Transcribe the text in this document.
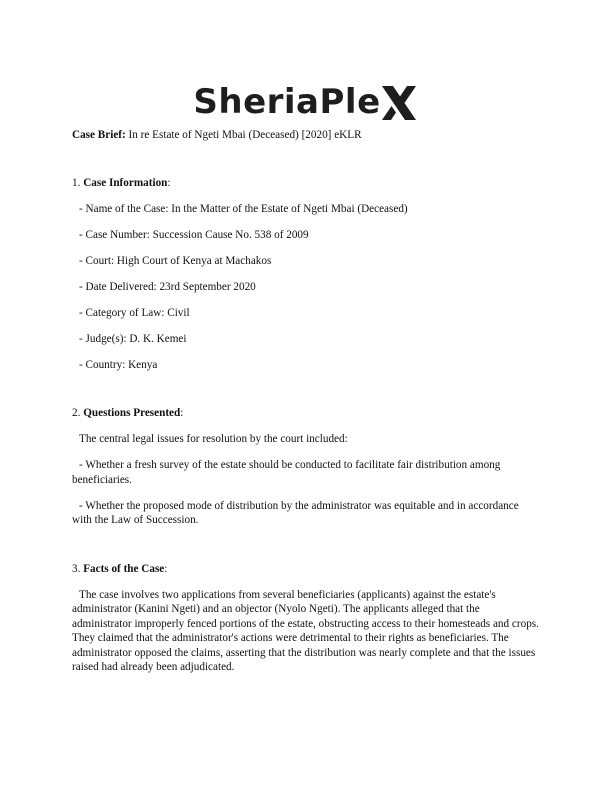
SheriaPle

Case Brief: In re Estate of Ngeti Mbai (Deceased) [2020] eKLR

1. Case Information:

- Name of the Case: In the Matter of the Estate of Ngeti Mbai (Deceased)

- Case Number: Succession Cause No. 538 of 2009

- Court: High Court of Kenya at Machakos

- Date Delivered: 23rd September 2020

- Category of Law: Civil

- Judge(s): D. K. Kemei

- Country: Kenya

2. Questions Presented:

The central legal issues for resolution by the court included:

- Whether a fresh survey of the estate should be conducted to facilitate fair distribution among beneficiaries.

- Whether the proposed mode of distribution by the administrator was equitable and in accordance with the Law of Succession.

3. Facts of the Case:

The case involves two applications from several beneficiaries (applicants) against the estate's administrator (Kanini Ngeti) and an objector (Nyolo Ngeti). The applicants alleged that the administrator improperly fenced portions of the estate, obstructing access to their homesteads and crops. They claimed that the administrator's actions were detrimental to their rights as beneficiaries. The administrator opposed the claims, asserting that the distribution was nearly complete and that the issues raised had already been adjudicated.
